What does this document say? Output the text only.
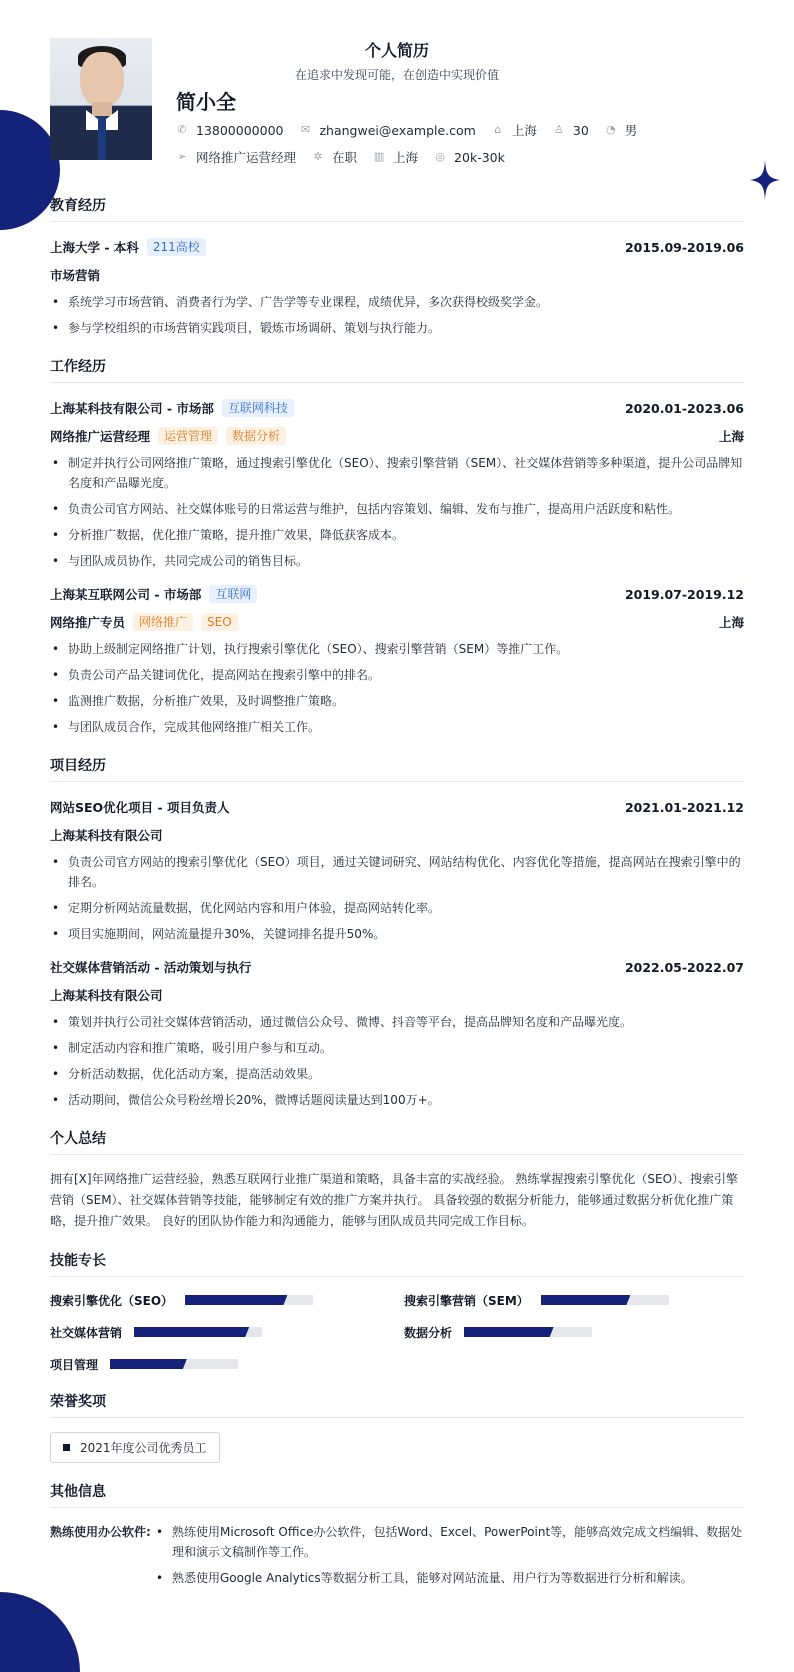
个人简历
在追求中发现可能，在创造中实现价值
简小全
✆ 13800000000 ✉ zhangwei@example.com ⌂ 上海 ♙ 30 ◔ 男
➢ 网络推广运营经理 ✲ 在职 ▥ 上海 ◎ 20k-30k
教育经历
上海大学 - 本科	211高校	2015.09-2019.06
市场营销
• 系统学习市场营销、消费者行为学、广告学等专业课程，成绩优异，多次获得校级奖学金。
• 参与学校组织的市场营销实践项目，锻炼市场调研、策划与执行能力。
工作经历
上海某科技有限公司 - 市场部	互联网科技	2020.01-2023.06
网络推广运营经理	运营管理	数据分析	上海
• 制定并执行公司网络推广策略，通过搜索引擎优化（SEO）、搜索引擎营销（SEM）、社交媒体营销等多种渠道，提升公司品牌知名度和产品曝光度。
• 负责公司官方网站、社交媒体账号的日常运营与维护，包括内容策划、编辑、发布与推广，提高用户活跃度和粘性。
• 分析推广数据，优化推广策略，提升推广效果，降低获客成本。
• 与团队成员协作，共同完成公司的销售目标。
上海某互联网公司 - 市场部	互联网	2019.07-2019.12
网络推广专员	网络推广	SEO	上海
• 协助上级制定网络推广计划，执行搜索引擎优化（SEO）、搜索引擎营销（SEM）等推广工作。
• 负责公司产品关键词优化，提高网站在搜索引擎中的排名。
• 监测推广数据，分析推广效果，及时调整推广策略。
• 与团队成员合作，完成其他网络推广相关工作。
项目经历
网站SEO优化项目 - 项目负责人	2021.01-2021.12
上海某科技有限公司
• 负责公司官方网站的搜索引擎优化（SEO）项目，通过关键词研究、网站结构优化、内容优化等措施，提高网站在搜索引擎中的排名。
• 定期分析网站流量数据，优化网站内容和用户体验，提高网站转化率。
• 项目实施期间，网站流量提升30%，关键词排名提升50%。
社交媒体营销活动 - 活动策划与执行	2022.05-2022.07
上海某科技有限公司
• 策划并执行公司社交媒体营销活动，通过微信公众号、微博、抖音等平台，提高品牌知名度和产品曝光度。
• 制定活动内容和推广策略，吸引用户参与和互动。
• 分析活动数据，优化活动方案，提高活动效果。
• 活动期间，微信公众号粉丝增长20%，微博话题阅读量达到100万+。
个人总结

拥有[X]年网络推广运营经验，熟悉互联网行业推广渠道和策略，具备丰富的实战经验。 熟练掌握搜索引擎优化（SEO）、搜索引擎营销（SEM）、社交媒体营销等技能，能够制定有效的推广方案并执行。 具备较强的数据分析能力，能够通过数据分析优化推广策略，提升推广效果。 良好的团队协作能力和沟通能力，能够与团队成员共同完成工作目标。

技能专长
搜索引擎优化（SEO）	搜索引擎营销（SEM）
社交媒体营销	数据分析
项目管理
荣誉奖项
2021年度公司优秀员工
其他信息
熟练使用办公软件:
•	熟练使用Microsoft Office办公软件，包括Word、Excel、PowerPoint等，能够高效完成文档编辑、数据处理和演示文稿制作等工作。
• 熟悉使用Google Analytics等数据分析工具，能够对网站流量、用户行为等数据进行分析和解读。
